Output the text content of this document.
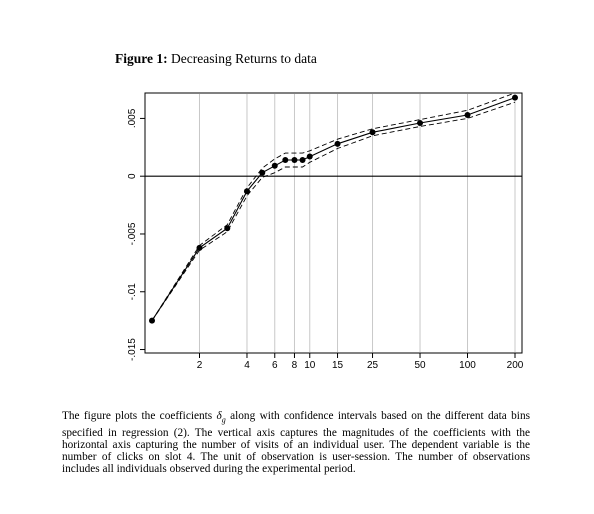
Figure 1: Decreasing Returns to data
.005
0
-.005
-.01
-.015
2	4 6 8 10 15 25	50	100	200
The figure plots the coefficients $\delta_g$ along with confidence intervals based on the different data bins specified in regression (2). The vertical axis captures the magnitudes of the coefficients with the horizontal axis capturing the number of visits of an individual user. The dependent variable is the number of clicks on slot 4. The unit of observation is user-session. The number of observations includes all individuals observed during the experimental period.
